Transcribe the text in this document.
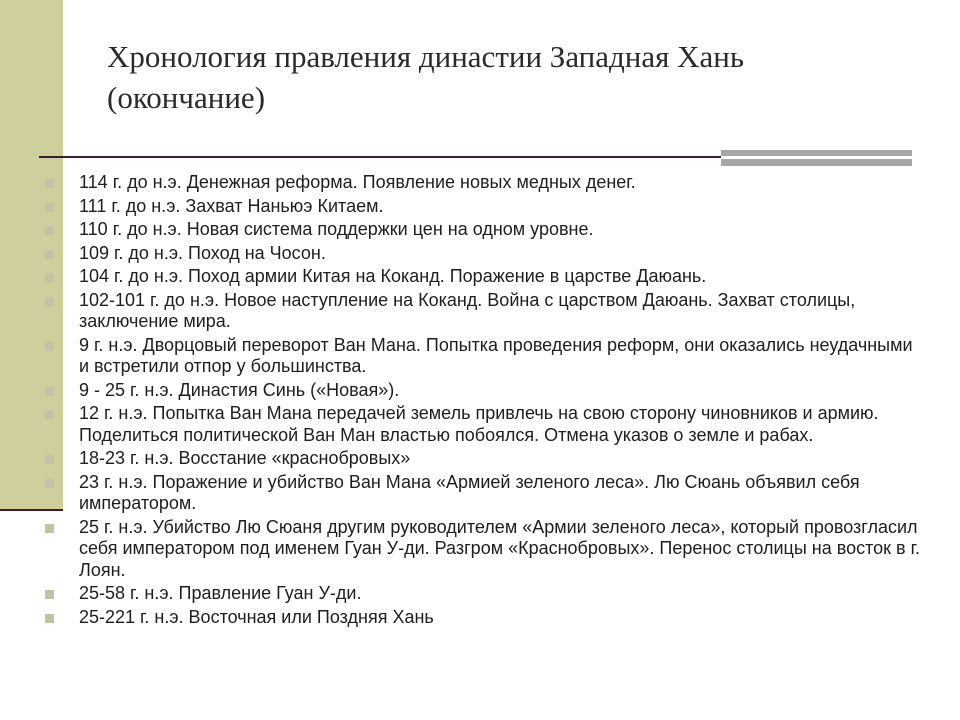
Хронология правления династии Западная Хань
(окончание)
114 г. до н.э. Денежная реформа. Появление новых медных денег.
111 г. до н.э. Захват Наньюэ Китаем.
110 г. до н.э. Новая система поддержки цен на одном уровне.
109 г. до н.э. Поход на Чосон.
104 г. до н.э. Поход армии Китая на Коканд. Поражение в царстве Даюань.
102-101 г. до н.э. Новое наступление на Коканд. Война с царством Даюань. Захват столицы, заключение мира.
9 г. н.э. Дворцовый переворот Ван Мана. Попытка проведения реформ, они оказались неудачными и встретили отпор у большинства.
9 - 25 г. н.э. Династия Синь («Новая»).
12 г. н.э. Попытка Ван Мана передачей земель привлечь на свою сторону чиновников и армию. Поделиться политической Ван Ман властью побоялся. Отмена указов о земле и рабах.
18-23 г. н.э. Восстание «краснобровых»
23 г. н.э. Поражение и убийство Ван Мана «Армией зеленого леса». Лю Сюань объявил себя императором.
25 г. н.э. Убийство Лю Сюаня другим руководителем «Армии зеленого леса», который провозгласил себя императором под именем Гуан У-ди. Разгром «Краснобровых». Перенос столицы на восток в г. Лоян.
25-58 г. н.э. Правление Гуан У-ди.
25-221 г. н.э. Восточная или Поздняя Хань
